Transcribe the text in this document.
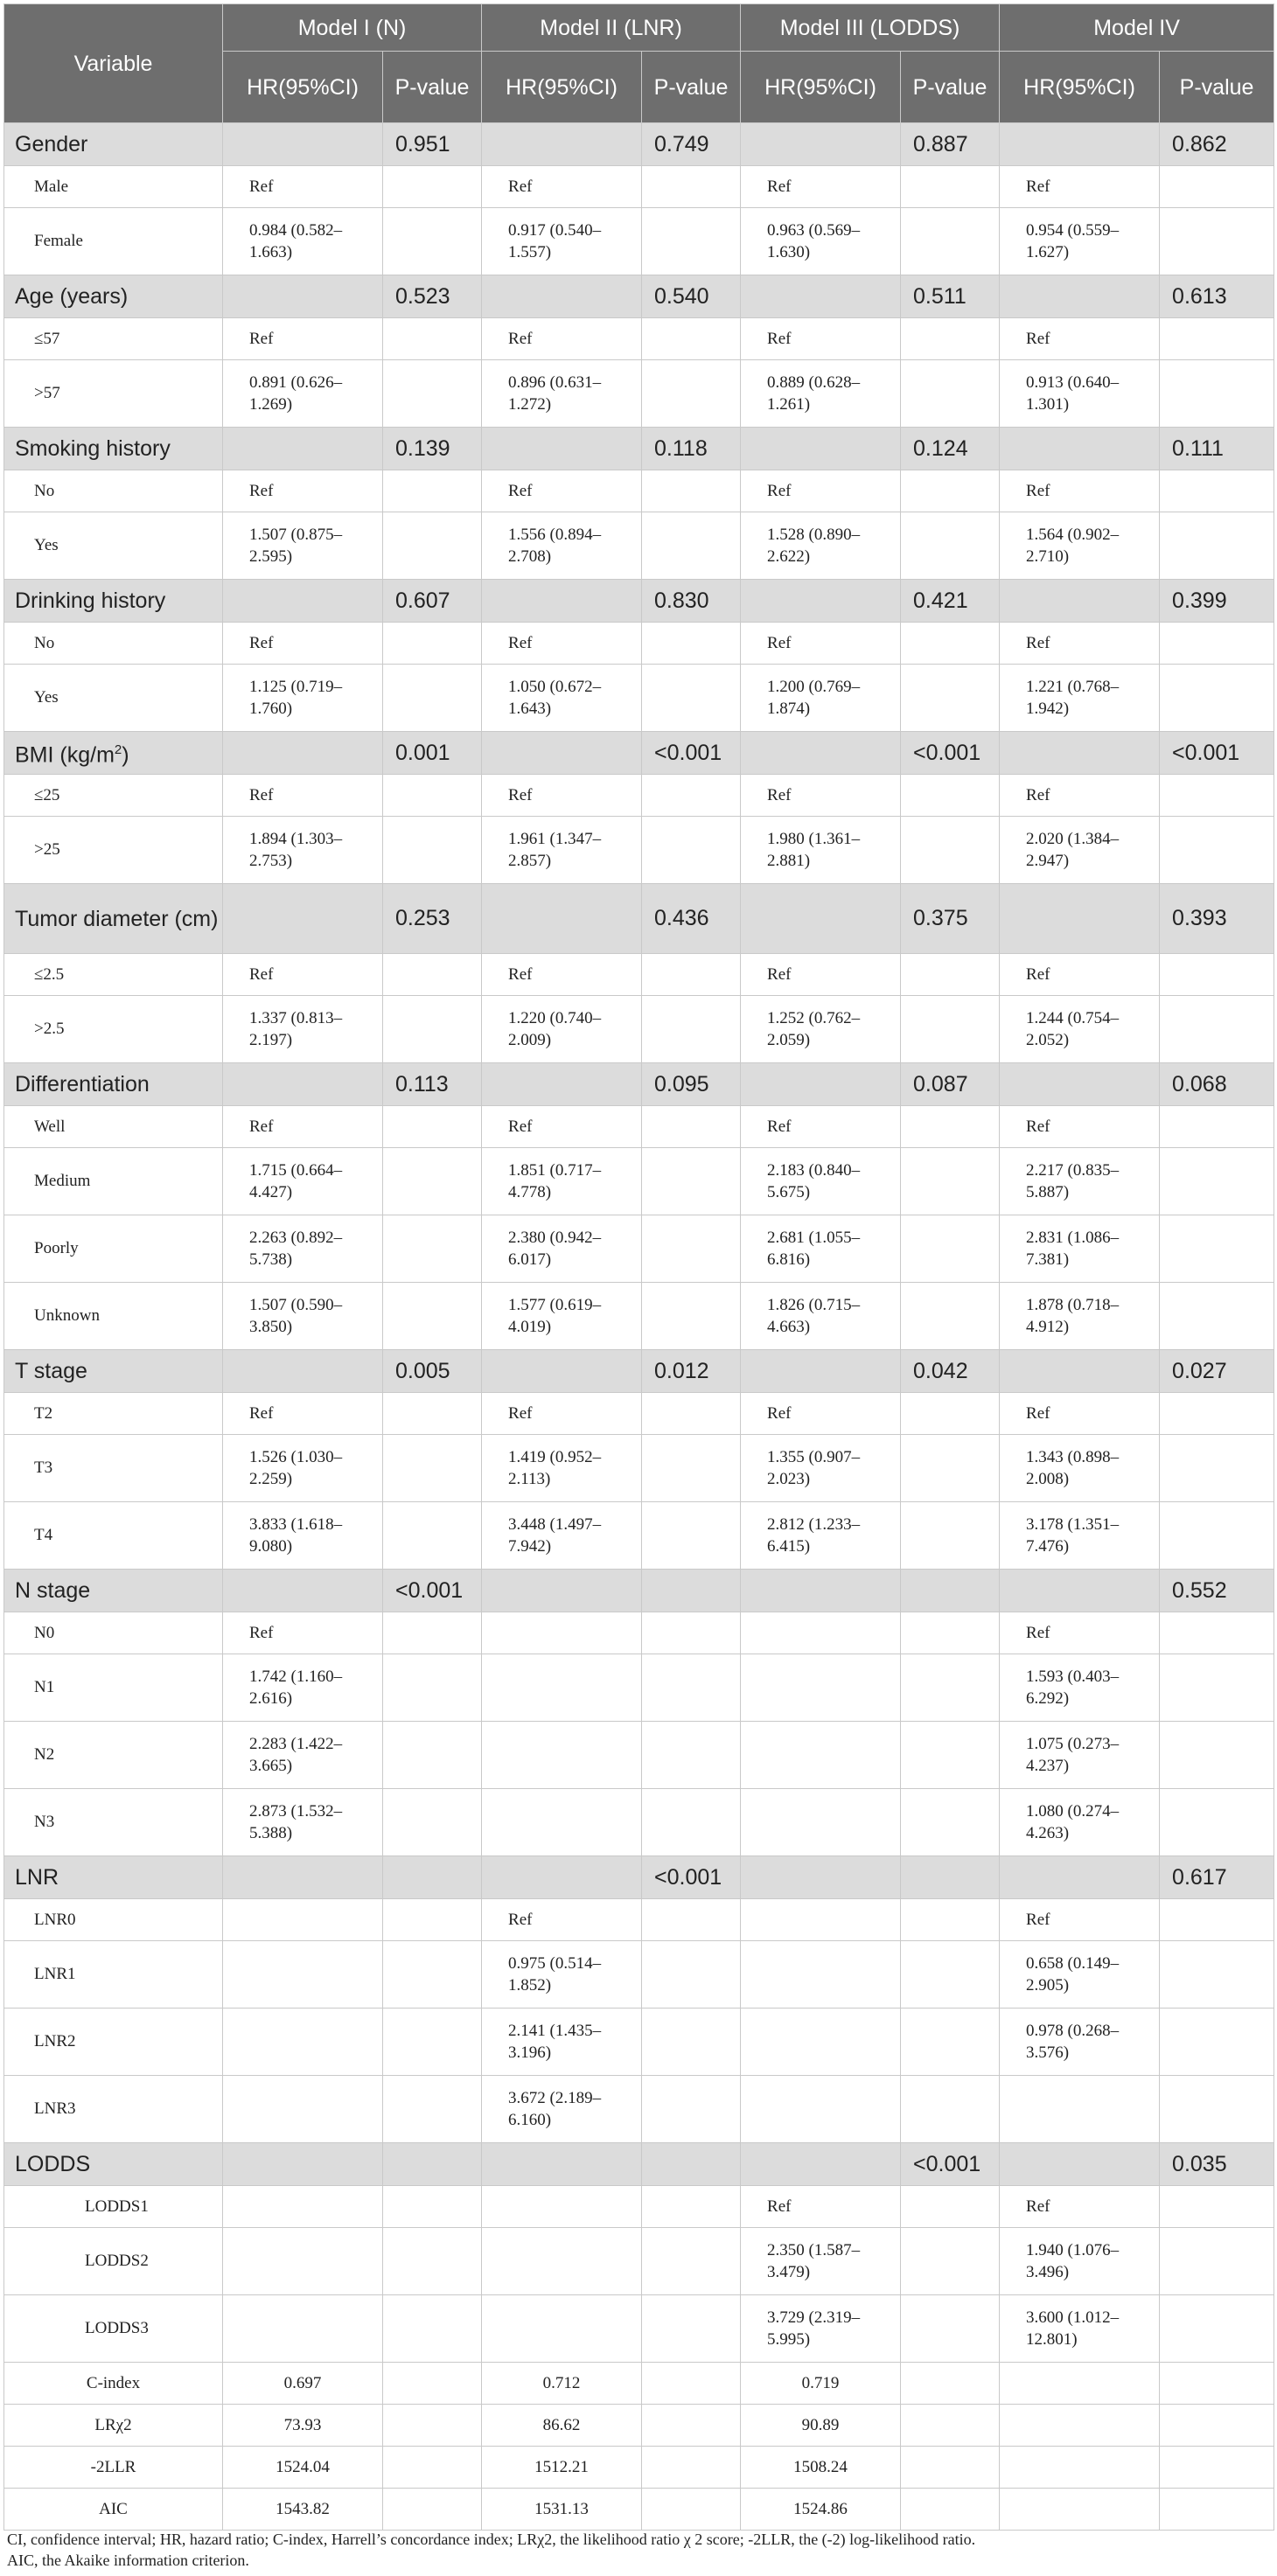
Variable	Model I (N)		Model II (LNR)		Model III (LODDS)		Model IV	
	HR(95%CI)	P-value	HR(95%CI)	P-value	HR(95%CI)	P-value	HR(95%CI)	P-value
Gender		0.951		0.749		0.887		0.862
Male	Ref		Ref		Ref		Ref	
Female	0.984 (0.582–1.663)		0.917 (0.540–1.557)		0.963 (0.569–1.630)		0.954 (0.559–1.627)	
Age (years)		0.523		0.540		0.511		0.613
≤57	Ref		Ref		Ref		Ref	
>57	0.891 (0.626–1.269)		0.896 (0.631–1.272)		0.889 (0.628–1.261)		0.913 (0.640–1.301)	
Smoking history		0.139		0.118		0.124		0.111
No	Ref		Ref		Ref		Ref	
Yes	1.507 (0.875–2.595)		1.556 (0.894–2.708)		1.528 (0.890–2.622)		1.564 (0.902–2.710)	
Drinking history		0.607		0.830		0.421		0.399
No	Ref		Ref		Ref		Ref	
Yes	1.125 (0.719–1.760)		1.050 (0.672–1.643)		1.200 (0.769–1.874)		1.221 (0.768–1.942)	
BMI $(kg/m^2)$		0.001		<0.001		<0.001		<0.001
≤25	Ref		Ref		Ref		Ref	
>25	1.894 (1.303–2.753)		1.961 (1.347–2.857)		1.980 (1.361–2.881)		2.020 (1.384–2.947)	
Tumor diameter (cm)		0.253		0.436		0.375		0.393
≤2.5	Ref		Ref		Ref		Ref	
>2.5	1.337 (0.813–2.197)		1.220 (0.740–2.009)		1.252 (0.762–2.059)		1.244 (0.754–2.052)	
Differentiation		0.113		0.095		0.087		0.068
Well	Ref		Ref		Ref		Ref	
Medium	1.715 (0.664–4.427)		1.851 (0.717–4.778)		2.183 (0.840–5.675)		2.217 (0.835–5.887)	
Poorly	2.263 (0.892–5.738)		2.380 (0.942–6.017)		2.681 (1.055–6.816)		2.831 (1.086–7.381)	
Unknown	1.507 (0.590–3.850)		1.577 (0.619–4.019)		1.826 (0.715–4.663)		1.878 (0.718–4.912)	
T stage		0.005		0.012		0.042		0.027
T2	Ref		Ref		Ref		Ref	
T3	1.526 (1.030–2.259)		1.419 (0.952–2.113)		1.355 (0.907–2.023)		1.343 (0.898–2.008)	
T4	3.833 (1.618–9.080)		3.448 (1.497–7.942)		2.812 (1.233–6.415)		3.178 (1.351–7.476)	
N stage		<0.001						0.552
N0	Ref						Ref	
N1	1.742 (1.160–2.616)						1.593 (0.403–6.292)	
N2	2.283 (1.422–3.665)						1.075 (0.273–4.237)	
N3	2.873 (1.532–5.388)						1.080 (0.274–4.263)	
LNR				<0.001				0.617
LNR0			Ref				Ref	
LNR1			0.975 (0.514–1.852)				0.658 (0.149–2.905)	
LNR2			2.141 (1.435–3.196)				0.978 (0.268–3.576)	
LNR3			3.672 (2.189–6.160)					
LODDS						<0.001		0.035
LODDS1					Ref		Ref	
LODDS2					2.350 (1.587–3.479)		1.940 (1.076–3.496)	
LODDS3					3.729 (2.319–5.995)		3.600 (1.012–12.801)	
C-index	0.697		0.712		0.719			
LRχ2	73.93		86.62		90.89			
-2LLR	1524.04		1512.21		1508.24			
AIC	1543.82		1531.13		1524.86			

CI, confidence interval; HR, hazard ratio; C-index, Harrell’s concordance index; LRχ2, the likelihood ratio χ 2 score; -2LLR, the (-2) log-likelihood ratio.

AIC, the Akaike information criterion.
